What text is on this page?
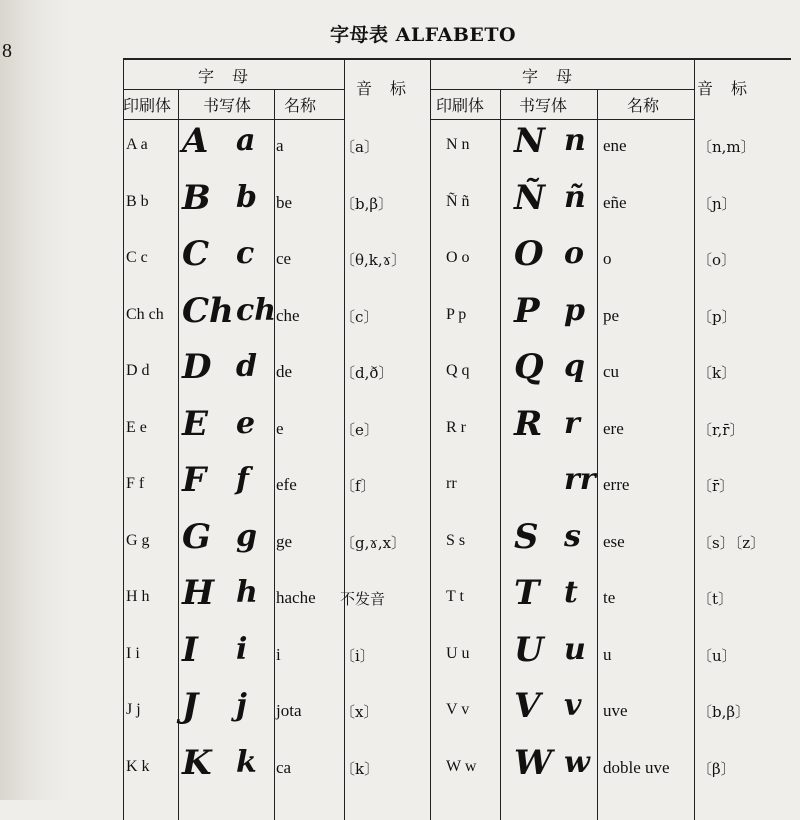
8
字母表 ALFABETO
字母
印刷体 书写体 名称
音标
字母
印刷体 书写体	名称
音标
A a A a a	〔a〕
B b B b be	〔b,β〕
C c C c ce	〔θ,k,ɤ〕
Ch ch Ch ch che	〔c〕
D d D d de	〔d,ð〕
E e E e e	〔e〕
F f F f efe	〔f〕
G g G g ge	〔g,ɤ,x〕
H h H h hache 不发音
I i I i i	〔i〕
J j J j jota	〔x〕
K k K k ca	〔k〕
N n N n ene	〔n,m〕
Ñ ñ Ñ ñ eñe	〔ɲ〕
O o O o o	〔o〕
P p P p pe	〔p〕
Q q Q q cu	〔k〕
R r R r ere	〔r,r̄〕
rr	rr erre	〔r̄〕
S s S s ese	〔s〕〔z〕
T t T t te	〔t〕
U u U u u	〔u〕
V v V v uve	〔b,β〕
W w W w doble uve 〔β〕
